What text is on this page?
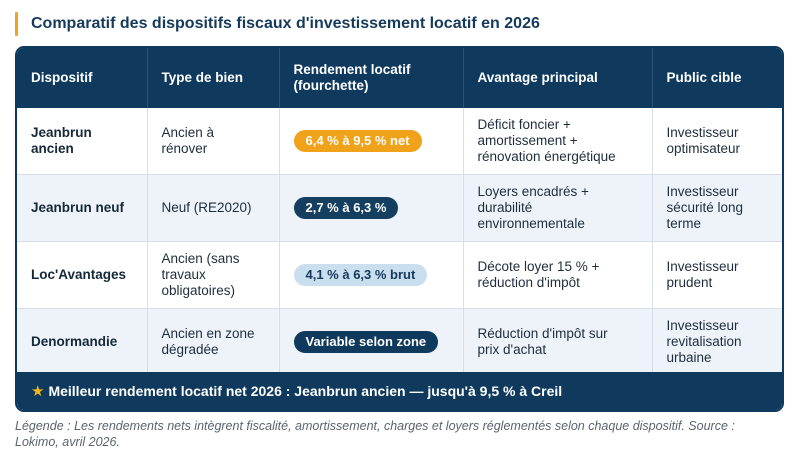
Comparatif des dispositifs fiscaux d'investissement locatif en 2026
Dispositif	Type de bien	Rendement locatif (fourchette)	Avantage principal	Public cible

Jeanbrun ancien	Ancien à rénover	6,4 % à 9,5 % net	Déficit foncier + amortissement + rénovation énergétique	Investisseur optimisateur

Jeanbrun neuf	Neuf (RE2020)	2,7 % à 6,3 %	Loyers encadrés + durabilité environnementale	Investisseur sécurité long terme

Loc'Avantages	Ancien (sans travaux obligatoires)	4,1 % à 6,3 % brut	Décote loyer 15 % + réduction d'impôt	Investisseur prudent

Denormandie	Ancien en zone dégradée	Variable selon zone	Réduction d'impôt sur prix d'achat	Investisseur revitalisation urbaine
★ Meilleur rendement locatif net 2026 : Jeanbrun ancien — jusqu'à 9,5 % à Creil
Légende : Les rendements nets intègrent fiscalité, amortissement, charges et loyers réglementés selon chaque dispositif. Source : Lokimo, avril 2026.
